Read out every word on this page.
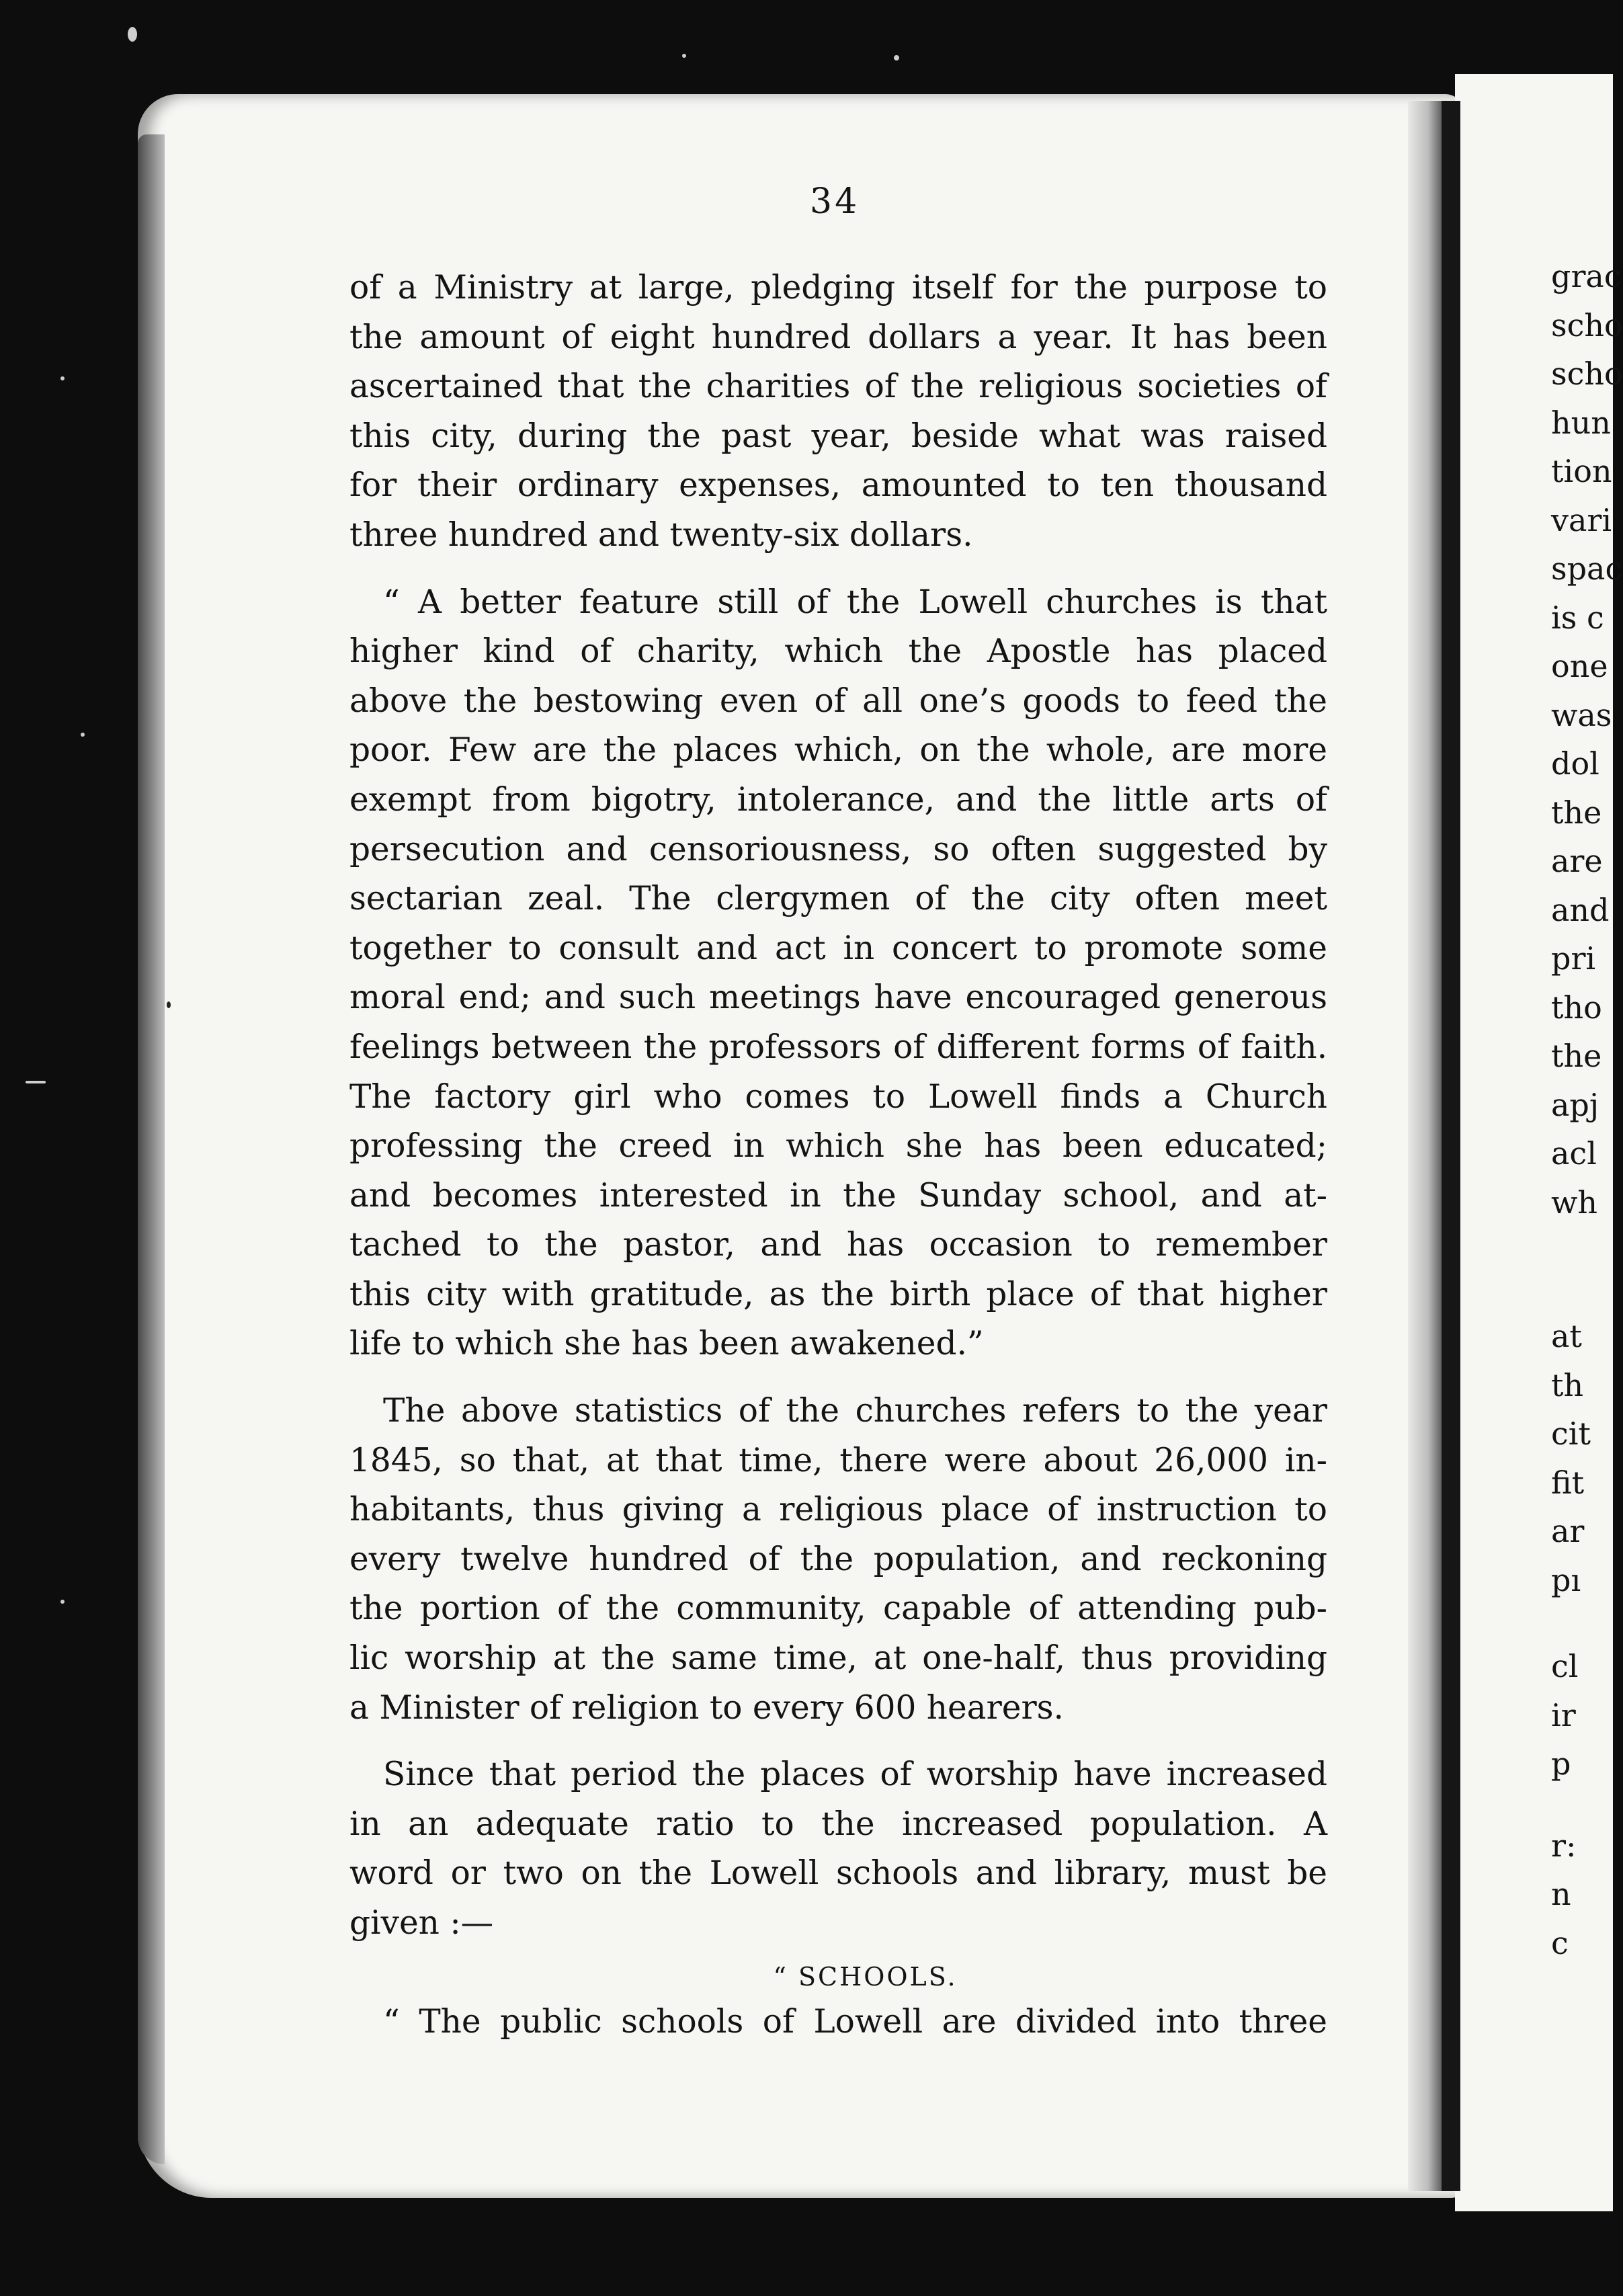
34
of a Ministry at large, pledging itself for the purpose to
the amount of eight hundred dollars a year. It has been
ascertained that the charities of the religious societies of
this city, during the past year, beside what was raised
for their ordinary expenses, amounted to ten thousand
three hundred and twenty-six dollars.
“ A better feature still of the Lowell churches is that
higher kind of charity, which the Apostle has placed
above the bestowing even of all one’s goods to feed the
poor. Few are the places which, on the whole, are more
exempt from bigotry, intolerance, and the little arts of
persecution and censoriousness, so often suggested by
sectarian zeal. The clergymen of the city often meet
together to consult and act in concert to promote some
moral end; and such meetings have encouraged generous
feelings between the professors of different forms of faith.
The factory girl who comes to Lowell finds a Church
professing the creed in which she has been educated;
and becomes interested in the Sunday school, and at-
tached to the pastor, and has occasion to remember
this city with gratitude, as the birth place of that higher
life to which she has been awakened.”
The above statistics of the churches refers to the year
1845, so that, at that time, there were about 26,000 in-
habitants, thus giving a religious place of instruction to
every twelve hundred of the population, and reckoning
the portion of the community, capable of attending pub-
lic worship at the same time, at one-half, thus providing
a Minister of religion to every 600 hearers.
Since that period the places of worship have increased
in an adequate ratio to the increased population. A
word or two on the Lowell schools and library, must be
given :—
“ SCHOOLS.
“ The public schools of Lowell are divided into three
grac
scho
scho
hun
tion
vari
spac
is c
one
was
dol
the
are
and
pri
tho
the
apj
acl
wh
at
th
cit
fit
ar
pı
cl
ir
p
r:
n
c
